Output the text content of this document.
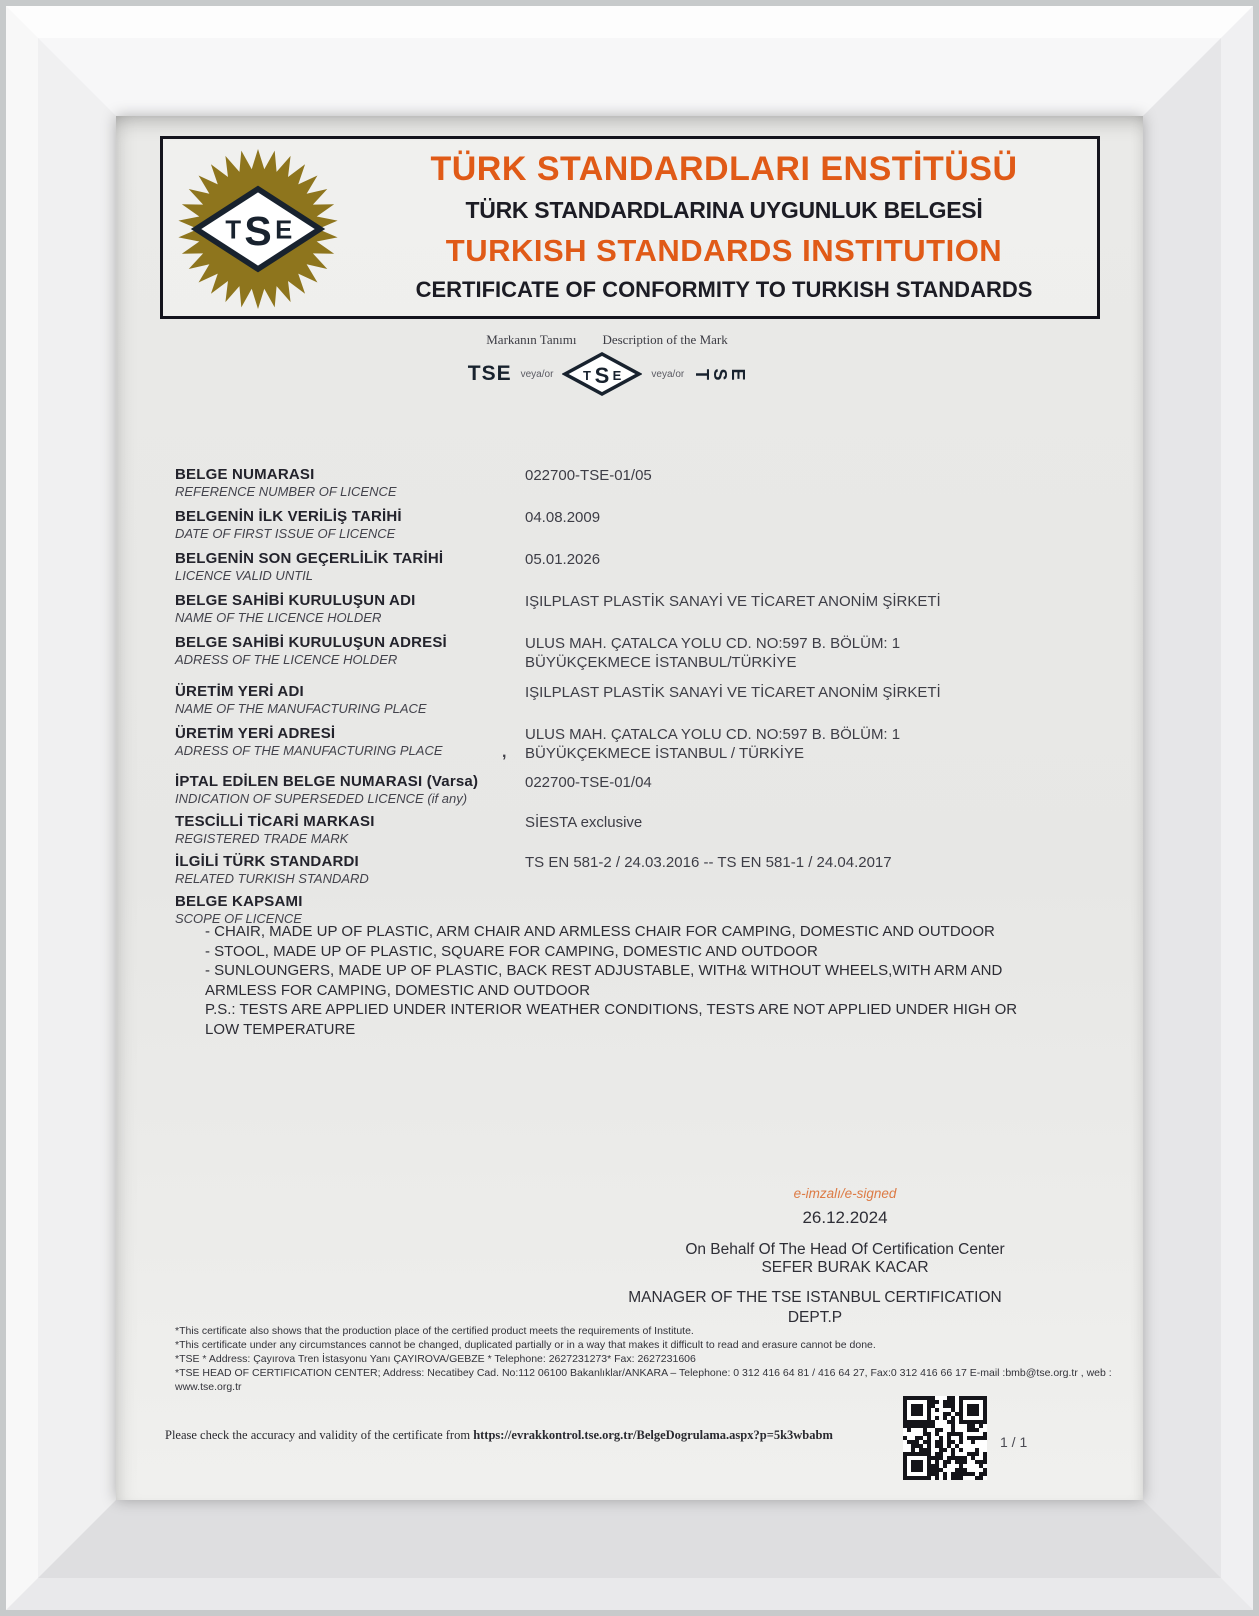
T S E
TÜRK STANDARDLARI ENSTİTÜSÜ
TÜRK STANDARDLARINA UYGUNLUK BELGESİ
TURKISH STANDARDS INSTITUTION
CERTIFICATE OF CONFORMITY TO TURKISH STANDARDS
Markanın Tanımı Description of the Mark
TSE veya/or T S E	veya/or T
S
E
BELGE NUMARASI
REFERENCE NUMBER OF LICENCE
022700-TSE-01/05
BELGENİN İLK VERİLİŞ TARİHİ
DATE OF FIRST ISSUE OF LICENCE
04.08.2009
BELGENİN SON GEÇERLİLİK TARİHİ
LICENCE VALID UNTIL
05.01.2026
BELGE SAHİBİ KURULUŞUN ADI
NAME OF THE LICENCE HOLDER
IŞILPLAST PLASTİK SANAYİ VE TİCARET ANONİM ŞİRKETİ
BELGE SAHİBİ KURULUŞUN ADRESİ
ADRESS OF THE LICENCE HOLDER
ULUS MAH. ÇATALCA YOLU CD. NO:597 B. BÖLÜM: 1
BÜYÜKÇEKMECE İSTANBUL/TÜRKİYE
ÜRETİM YERİ ADI
NAME OF THE MANUFACTURING PLACE
IŞILPLAST PLASTİK SANAYİ VE TİCARET ANONİM ŞİRKETİ
ÜRETİM YERİ ADRESİ
ADRESS OF THE MANUFACTURING PLACE
ULUS MAH. ÇATALCA YOLU CD. NO:597 B. BÖLÜM: 1
BÜYÜKÇEKMECE İSTANBUL / TÜRKİYE
,
İPTAL EDİLEN BELGE NUMARASI (Varsa)
INDICATION OF SUPERSEDED LICENCE (if any)
022700-TSE-01/04
TESCİLLİ TİCARİ MARKASI
REGISTERED TRADE MARK
SİESTA exclusive
İLGİLİ TÜRK STANDARDI
RELATED TURKISH STANDARD
TS EN 581-2 / 24.03.2016 -- TS EN 581-1 / 24.04.2017
BELGE KAPSAMI
SCOPE OF LICENCE
- CHAIR, MADE UP OF PLASTIC, ARM CHAIR AND ARMLESS CHAIR FOR CAMPING, DOMESTIC AND OUTDOOR
- STOOL, MADE UP OF PLASTIC, SQUARE FOR CAMPING, DOMESTIC AND OUTDOOR
- SUNLOUNGERS, MADE UP OF PLASTIC, BACK REST ADJUSTABLE, WITH& WITHOUT WHEELS,WITH ARM AND ARMLESS FOR CAMPING, DOMESTIC AND OUTDOOR
P.S.: TESTS ARE APPLIED UNDER INTERIOR WEATHER CONDITIONS, TESTS ARE NOT APPLIED UNDER HIGH OR LOW TEMPERATURE
e-imzalı/e-signed
26.12.2024
On Behalf Of The Head Of Certification Center
SEFER BURAK KACAR
MANAGER OF THE TSE ISTANBUL CERTIFICATION
DEPT.P
*This certificate also shows that the production place of the certified product meets the requirements of Institute.
*This certificate under any circumstances cannot be changed, duplicated partially or in a way that makes it difficult to read and erasure cannot be done.
*TSE * Address: Çayırova Tren İstasyonu Yanı ÇAYIROVA/GEBZE * Telephone: 2627231273* Fax: 2627231606
*TSE HEAD OF CERTIFICATION CENTER; Address: Necatibey Cad. No:112 06100 Bakanlıklar/ANKARA – Telephone: 0 312 416 64 81 / 416 64 27, Fax:0 312 416 66 17 E-mail :bmb@tse.org.tr , web : www.tse.org.tr
Please check the accuracy and validity of the certificate from https://evrakkontrol.tse.org.tr/BelgeDogrulama.aspx?p=5k3wbabm	1 / 1
